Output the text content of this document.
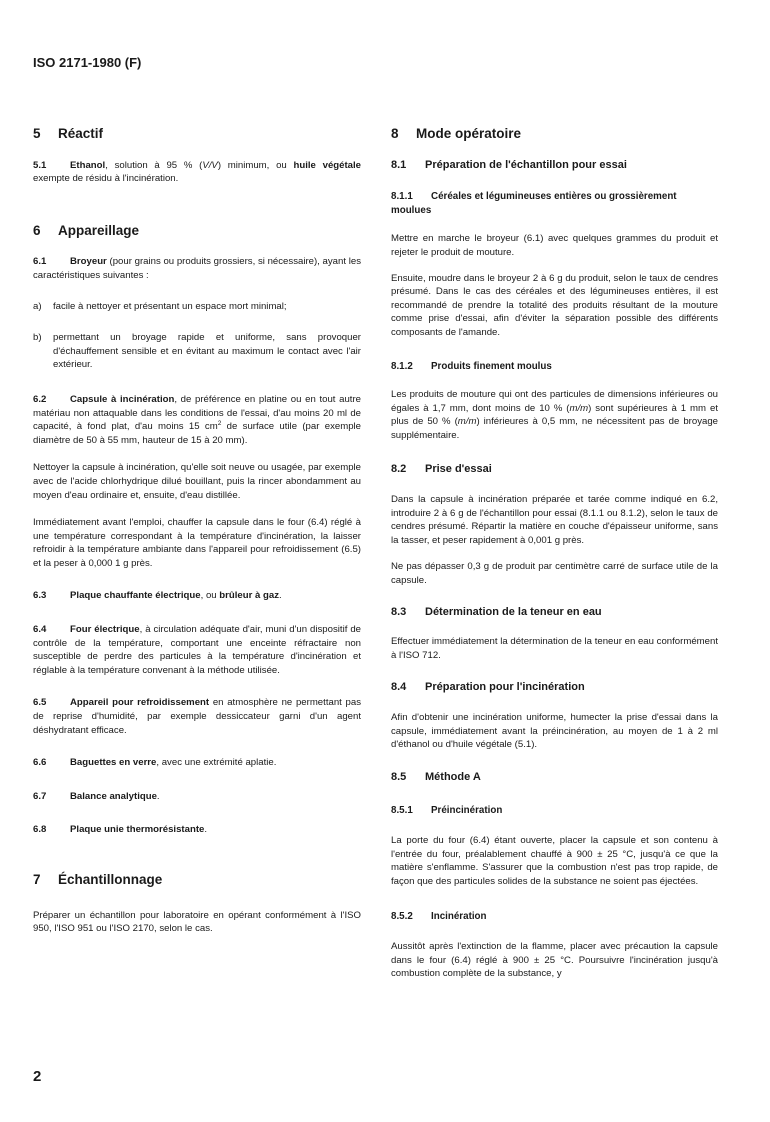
ISO 2171-1980 (F)
5 Réactif

5.1 Ethanol, solution à 95 % (V/V) minimum, ou huile végétale exempte de résidu à l'incinération.

6 Appareillage

6.1 Broyeur (pour grains ou produits grossiers, si nécessaire), ayant les caractéristiques suivantes :

a) facile à nettoyer et présentant un espace mort minimal;

b) permettant un broyage rapide et uniforme, sans provoquer d'échauffement sensible et en évitant au maximum le contact avec l'air extérieur.

6.2 Capsule à incinération, de préférence en platine ou en tout autre matériau non attaquable dans les conditions de l'essai, d'au moins 20 ml de capacité, à fond plat, d'au moins 15 $cm^2$ de surface utile (par exemple diamètre de 50 à 55 mm, hauteur de 15 à 20 mm).

Nettoyer la capsule à incinération, qu'elle soit neuve ou usagée, par exemple avec de l'acide chlorhydrique dilué bouillant, puis la rincer abondamment au moyen d'eau ordinaire et, ensuite, d'eau distillée.

Immédiatement avant l'emploi, chauffer la capsule dans le four (6.4) réglé à une température correspondant à la température d'incinération, la laisser refroidir à la température ambiante dans l'appareil pour refroidissement (6.5) et la peser à 0,000 1 g près.

6.3 Plaque chauffante électrique, ou brûleur à gaz.

6.4 Four électrique, à circulation adéquate d'air, muni d'un dispositif de contrôle de la température, comportant une enceinte réfractaire non susceptible de perdre des particules à la température d'incinération et réglable à la température convenant à la méthode utilisée.

6.5 Appareil pour refroidissement en atmosphère ne permettant pas de reprise d'humidité, par exemple dessiccateur garni d'un agent déshydratant efficace.

6.6 Baguettes en verre, avec une extrémité aplatie.

6.7 Balance analytique.

6.8 Plaque unie thermorésistante.

7 Échantillonnage

Préparer un échantillon pour laboratoire en opérant conformément à l'ISO 950, l'ISO 951 ou l'ISO 2170, selon le cas.

8 Mode opératoire
8.1 Préparation de l'échantillon pour essai
8.1.1 Céréales et légumineuses entières ou grossièrement moulues

Mettre en marche le broyeur (6.1) avec quelques grammes du produit et rejeter le produit de mouture.

Ensuite, moudre dans le broyeur 2 à 6 g du produit, selon le taux de cendres présumé. Dans le cas des céréales et des légumineuses entières, il est recommandé de prendre la totalité des produits résultant de la mouture comme prise d'essai, afin d'éviter la séparation possible des différents composants de l'amande.

8.1.2 Produits finement moulus

Les produits de mouture qui ont des particules de dimensions inférieures ou égales à 1,7 mm, dont moins de 10 % (m/m) sont supérieures à 1 mm et plus de 50 % (m/m) inférieures à 0,5 mm, ne nécessitent pas de broyage supplémentaire.

8.2 Prise d'essai

Dans la capsule à incinération préparée et tarée comme indiqué en 6.2, introduire 2 à 6 g de l'échantillon pour essai (8.1.1 ou 8.1.2), selon le taux de cendres présumé. Répartir la matière en couche d'épaisseur uniforme, sans la tasser, et peser rapidement à 0,001 g près.

Ne pas dépasser 0,3 g de produit par centimètre carré de surface utile de la capsule.

8.3 Détermination de la teneur en eau

Effectuer immédiatement la détermination de la teneur en eau conformément à l'ISO 712.

8.4 Préparation pour l'incinération

Afin d'obtenir une incinération uniforme, humecter la prise d'essai dans la capsule, immédiatement avant la préincinération, au moyen de 1 à 2 ml d'éthanol ou d'huile végétale (5.1).

8.5 Méthode A
8.5.1 Préincinération

La porte du four (6.4) étant ouverte, placer la capsule et son contenu à l'entrée du four, préalablement chauffé à 900 ± 25 °C, jusqu'à ce que la matière s'enflamme. S'assurer que la combustion n'est pas trop rapide, de façon que des particules solides de la substance ne soient pas éjectées.

8.5.2 Incinération

Aussitôt après l'extinction de la flamme, placer avec précaution la capsule dans le four (6.4) réglé à 900 ± 25 °C. Poursuivre l'incinération jusqu'à combustion complète de la substance, y

2
